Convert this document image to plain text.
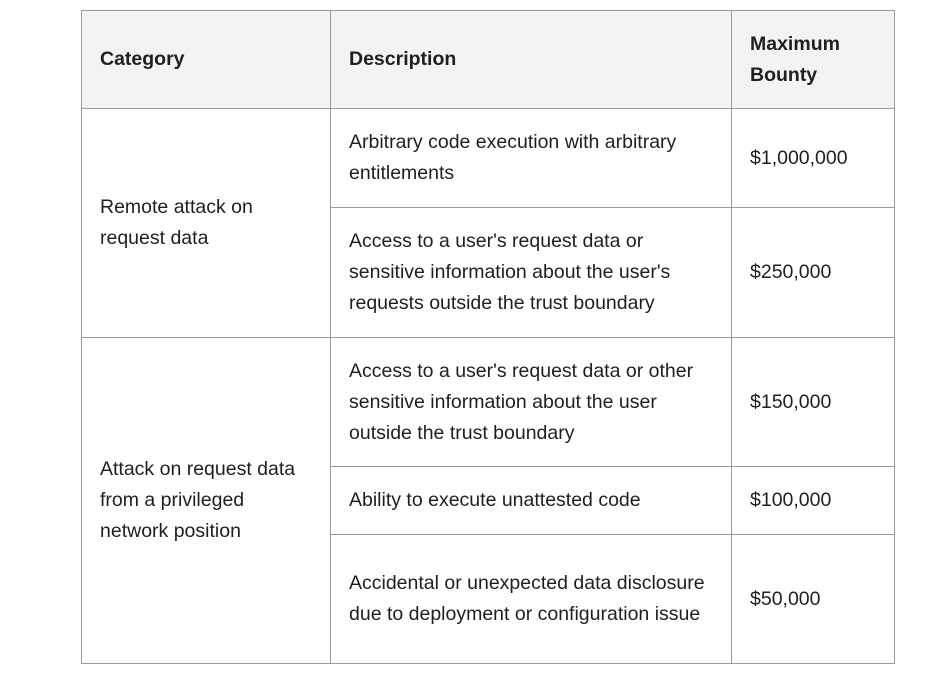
Category	Description	Maximum Bounty
Remote attack on request data	Arbitrary code execution with arbitrary entitlements	$1,000,000
	Access to a user's request data or sensitive information about the user's requests outside the trust boundary	$250,000
Attack on request data from a privileged network position	Access to a user's request data or other sensitive information about the user outside the trust boundary	$150,000
	Ability to execute unattested code	$100,000
	Accidental or unexpected data disclosure due to deployment or configuration issue	$50,000
